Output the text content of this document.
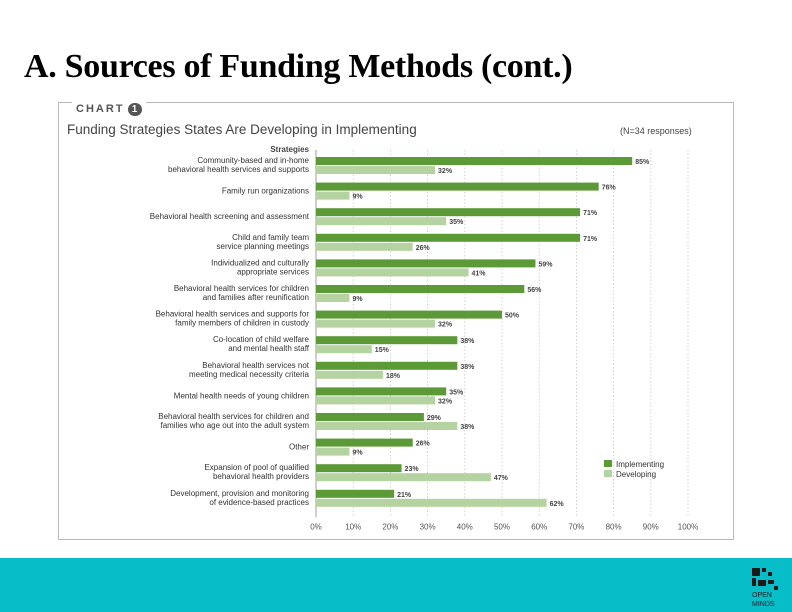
A. Sources of Funding Methods (cont.)
CHART 1
Funding Strategies States Are Developing in Implementing	(N=34 responses)
Strategies
Community-based and in-home
behavioral health services and supports
85%
32%
Family run organizations	76%
9%
Behavioral health screening and assessment	71%
35%
Child and family team
service planning meetings
71%
26%
Individualized and culturally
appropriate services
59%
41%
Behavioral health services for children
and families after reunification
56%
9%
Behavioral health services and supports for
family members of children in custody
50%
32%
Co-location of child welfare
and mental health staff
38%
15%
Behavioral health services not
meeting medical necessity criteria
38%
18%
Mental health needs of young children	35%
32%
Behavioral health services for children and
families who age out into the adult system
29%
38%
Other	26%
9%
Expansion of pool of qualified
behavioral health providers
23%
47%
Development, provision and monitoring
of evidence-based practices
21%
62%
0%	10%	20%	30%	40%	50%	60%	70%	80%	90% 100%
Implementing
Developing
OPEN
MINDS
